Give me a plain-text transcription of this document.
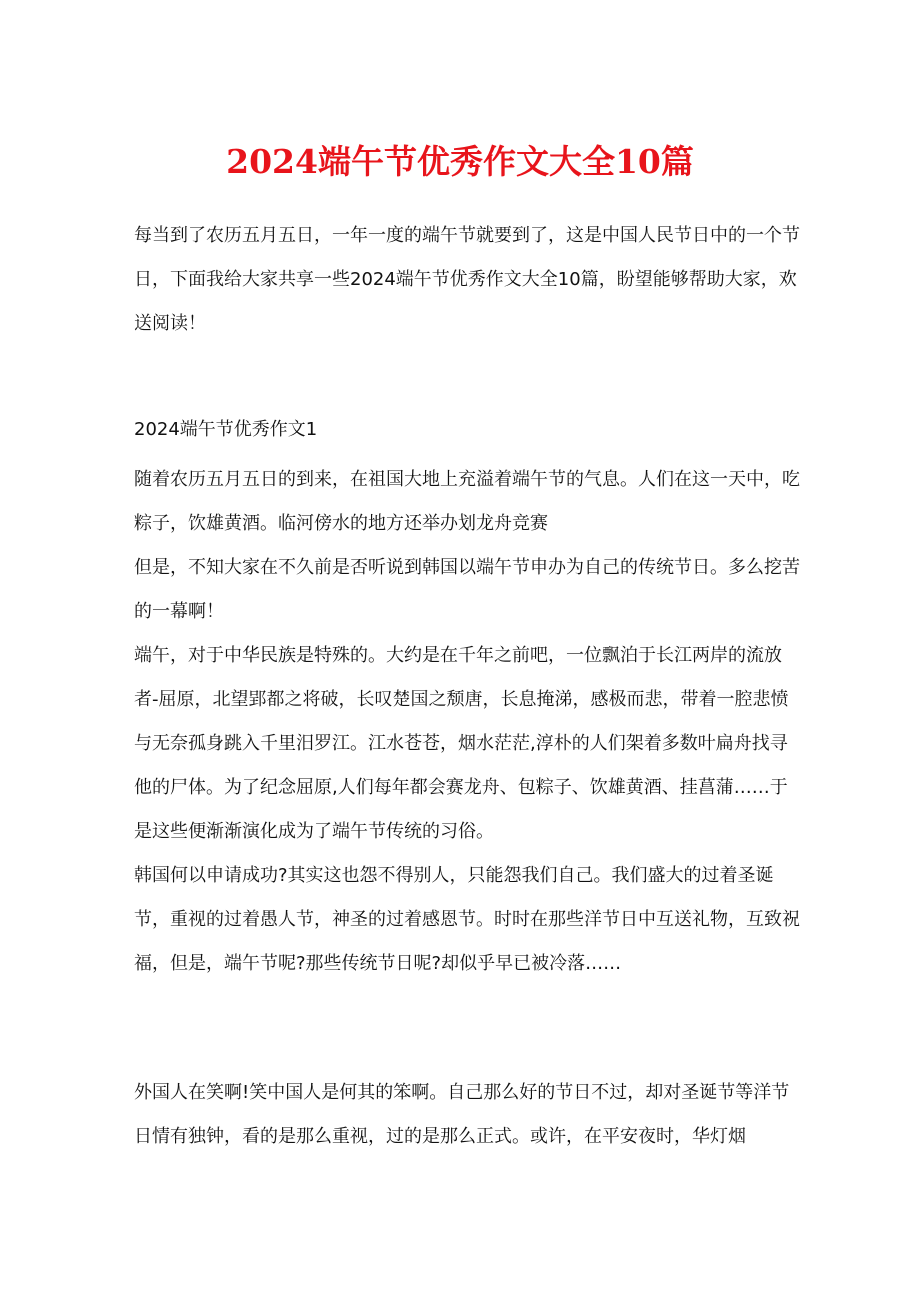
2024端午节优秀作文大全10篇

每当到了农历五月五日，一年一度的端午节就要到了，这是中国人民节日中的一个节日，下面我给大家共享一些2024端午节优秀作文大全10篇，盼望能够帮助大家，欢送阅读！

2024端午节优秀作文1

随着农历五月五日的到来，在祖国大地上充溢着端午节的气息。人们在这一天中，吃粽子，饮雄黄酒。临河傍水的地方还举办划龙舟竞赛

但是，不知大家在不久前是否听说到韩国以端午节申办为自己的传统节日。多么挖苦的一幕啊！

端午，对于中华民族是特殊的。大约是在千年之前吧，一位飘泊于长江两岸的流放者-屈原，北望郢都之将破，长叹楚国之颓唐，长息掩涕，感极而悲，带着一腔悲愤与无奈孤身跳入千里汨罗江。江水苍苍，烟水茫茫,淳朴的人们架着多数叶扁舟找寻他的尸体。为了纪念屈原,人们每年都会赛龙舟、包粽子、饮雄黄酒、挂菖蒲……于是这些便渐渐演化成为了端午节传统的习俗。

韩国何以申请成功?其实这也怨不得别人，只能怨我们自己。我们盛大的过着圣诞节，重视的过着愚人节，神圣的过着感恩节。时时在那些洋节日中互送礼物，互致祝福，但是，端午节呢?那些传统节日呢?却似乎早已被冷落……

外国人在笑啊!笑中国人是何其的笨啊。自己那么好的节日不过，却对圣诞节等洋节日情有独钟，看的是那么重视，过的是那么正式。或许，在平安夜时，华灯烟
